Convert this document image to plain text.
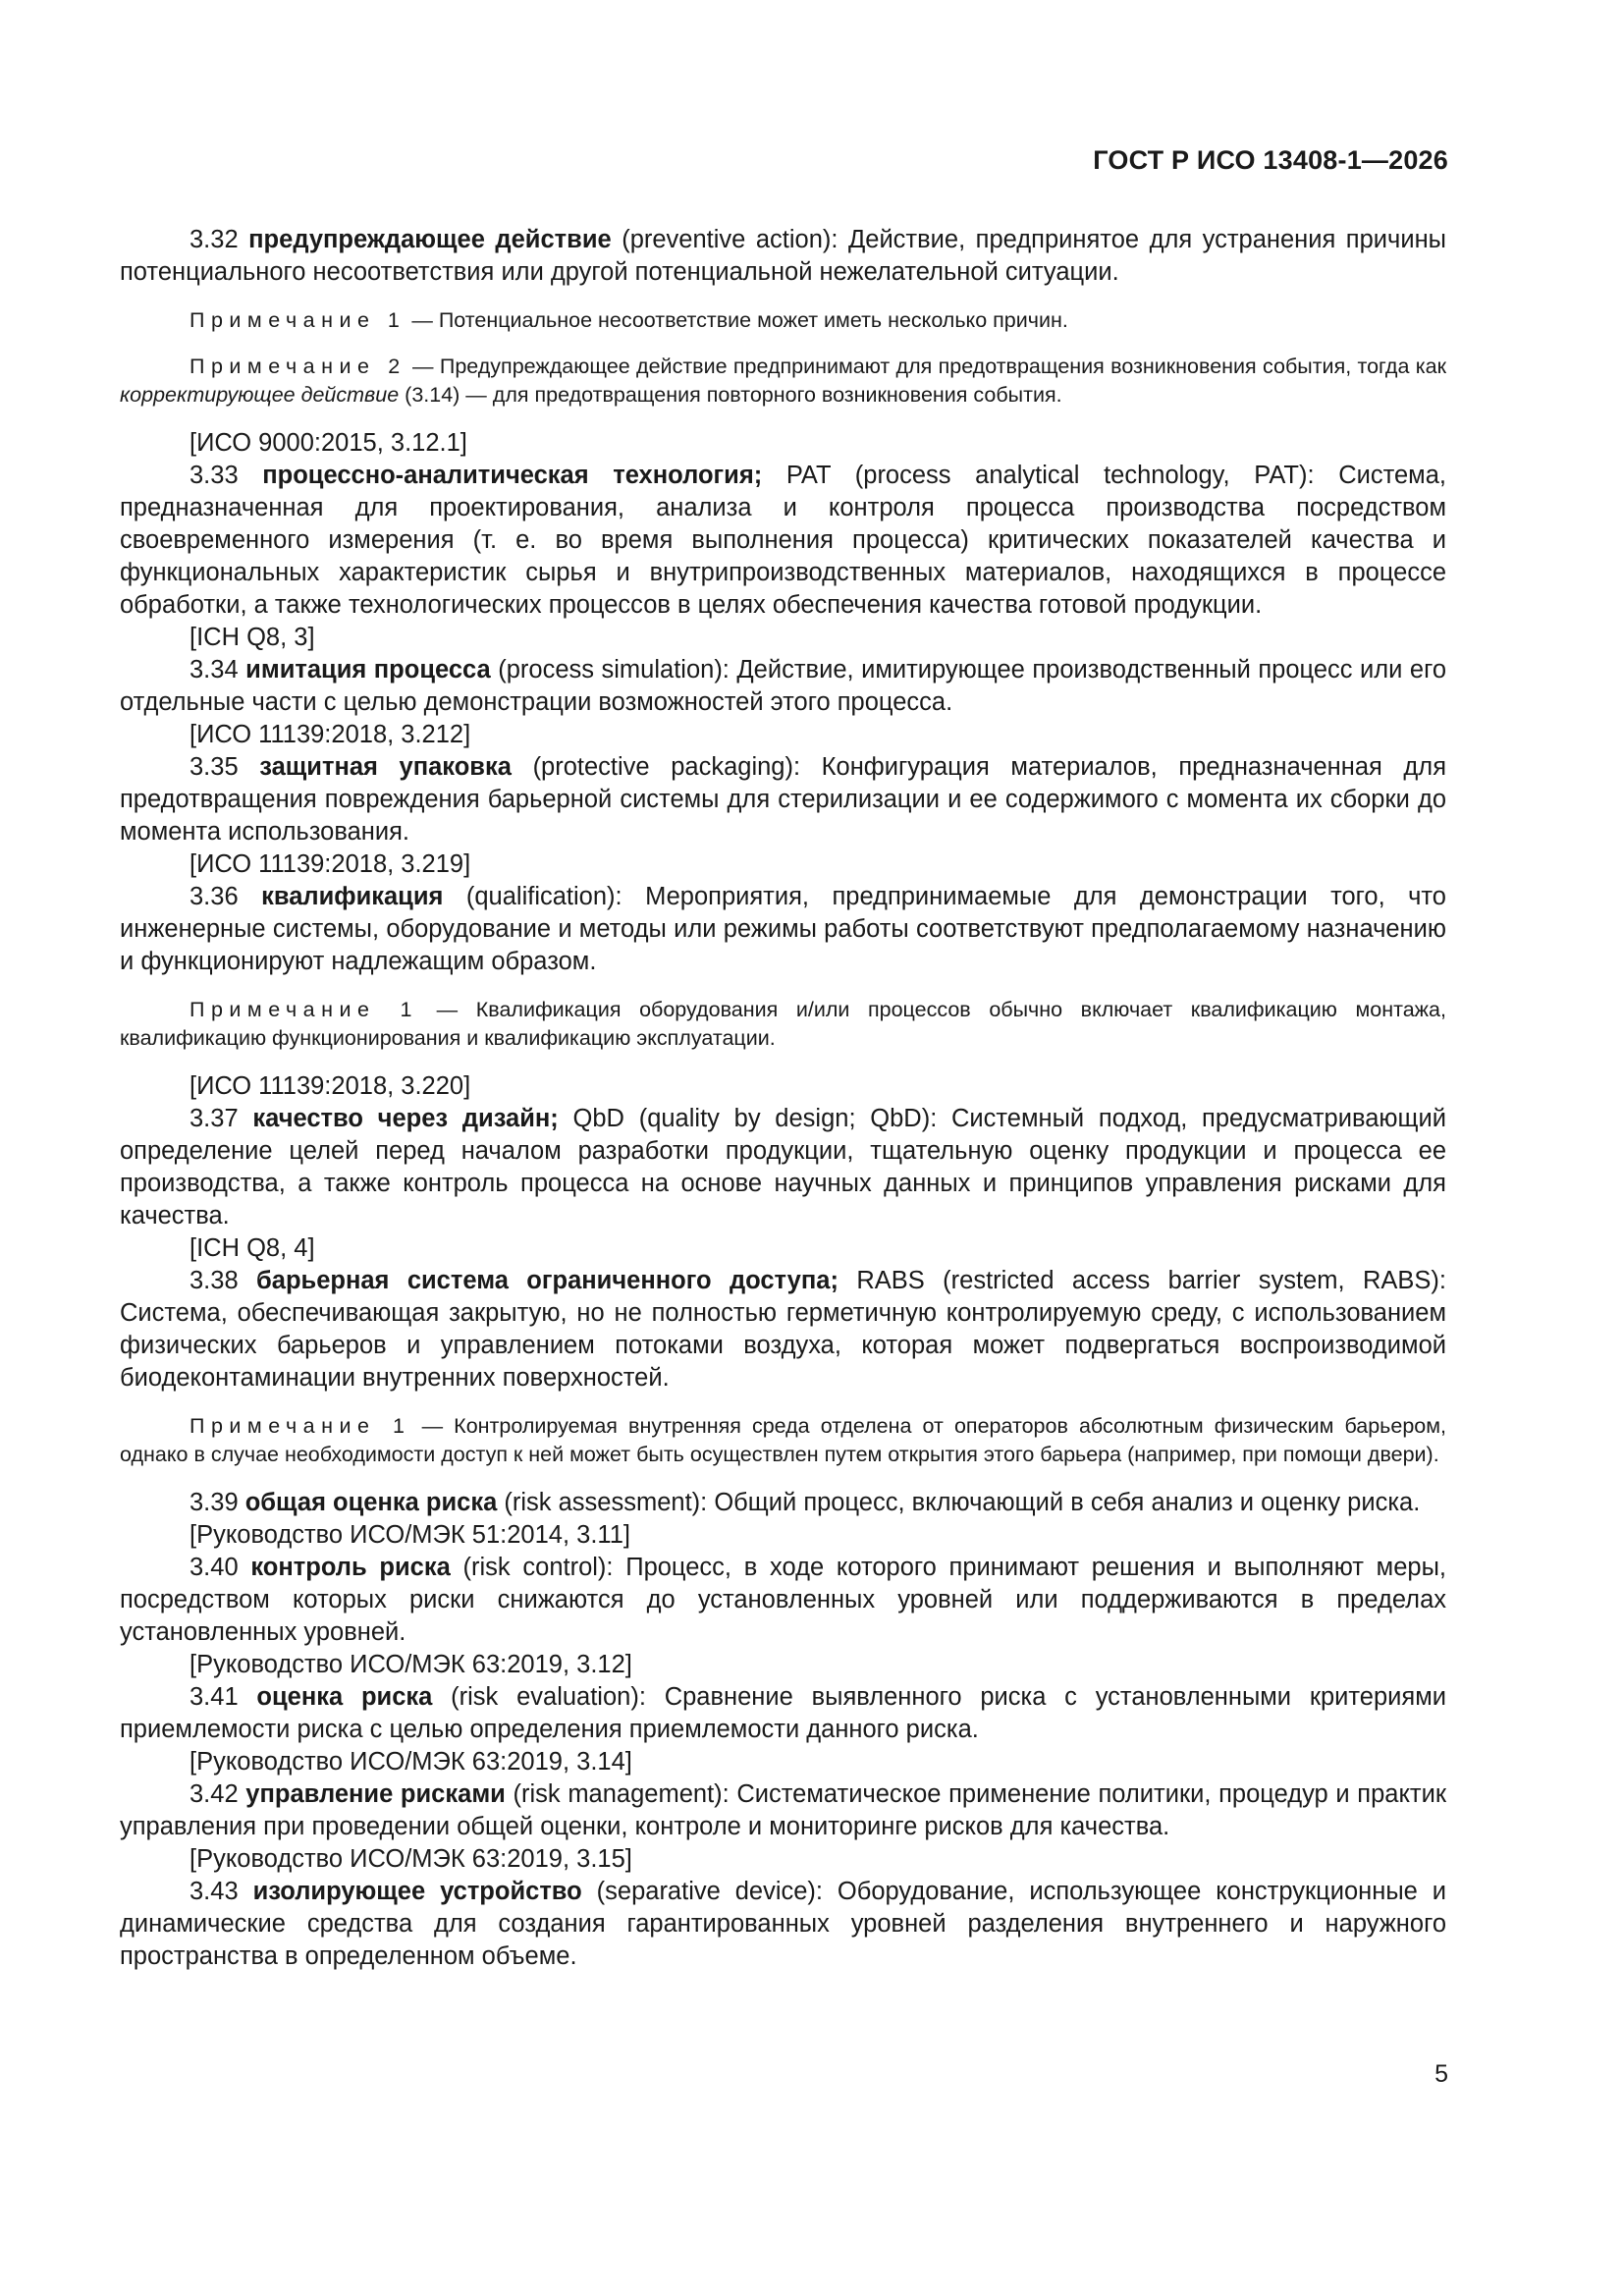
ГОСТ Р ИСО 13408-1—2026

3.32 предупреждающее действие (preventive action): Действие, предпринятое для устранения причины потенциального несоответствия или другой потенциальной нежелательной ситуации.

Примечание 1 — Потенциальное несоответствие может иметь несколько причин.

Примечание 2 — Предупреждающее действие предпринимают для предотвращения возникновения события, тогда как корректирующее действие (3.14) — для предотвращения повторного возникновения события.

[ИСО 9000:2015, 3.12.1]

3.33 процессно-аналитическая технология; PAT (process analytical technology, PAT): Система, предназначенная для проектирования, анализа и контроля процесса производства посредством своевременного измерения (т. е. во время выполнения процесса) критических показателей качества и функциональных характеристик сырья и внутрипроизводственных материалов, находящихся в процессе обработки, а также технологических процессов в целях обеспечения качества готовой продукции.

[ICH Q8, 3]

3.34 имитация процесса (process simulation): Действие, имитирующее производственный процесс или его отдельные части с целью демонстрации возможностей этого процесса.

[ИСО 11139:2018, 3.212]

3.35 защитная упаковка (protective packaging): Конфигурация материалов, предназначенная для предотвращения повреждения барьерной системы для стерилизации и ее содержимого с момента их сборки до момента использования.

[ИСО 11139:2018, 3.219]

3.36 квалификация (qualification): Мероприятия, предпринимаемые для демонстрации того, что инженерные системы, оборудование и методы или режимы работы соответствуют предполагаемому назначению и функционируют надлежащим образом.

Примечание 1 — Квалификация оборудования и/или процессов обычно включает квалификацию монтажа, квалификацию функционирования и квалификацию эксплуатации.

[ИСО 11139:2018, 3.220]

3.37 качество через дизайн; QbD (quality by design; QbD): Системный подход, предусматривающий определение целей перед началом разработки продукции, тщательную оценку продукции и процесса ее производства, а также контроль процесса на основе научных данных и принципов управления рисками для качества.

[ICH Q8, 4]

3.38 барьерная система ограниченного доступа; RABS (restricted access barrier system, RABS): Система, обеспечивающая закрытую, но не полностью герметичную контролируемую среду, с использованием физических барьеров и управлением потоками воздуха, которая может подвергаться воспроизводимой биодеконтаминации внутренних поверхностей.

Примечание 1 — Контролируемая внутренняя среда отделена от операторов абсолютным физическим барьером, однако в случае необходимости доступ к ней может быть осуществлен путем открытия этого барьера (например, при помощи двери).

3.39 общая оценка риска (risk assessment): Общий процесс, включающий в себя анализ и оценку риска.

[Руководство ИСО/МЭК 51:2014, 3.11]

3.40 контроль риска (risk control): Процесс, в ходе которого принимают решения и выполняют меры, посредством которых риски снижаются до установленных уровней или поддерживаются в пределах установленных уровней.

[Руководство ИСО/МЭК 63:2019, 3.12]

3.41 оценка риска (risk evaluation): Сравнение выявленного риска с установленными критериями приемлемости риска с целью определения приемлемости данного риска.

[Руководство ИСО/МЭК 63:2019, 3.14]

3.42 управление рисками (risk management): Систематическое применение политики, процедур и практик управления при проведении общей оценки, контроле и мониторинге рисков для качества.

[Руководство ИСО/МЭК 63:2019, 3.15]

3.43 изолирующее устройство (separative device): Оборудование, использующее конструкционные и динамические средства для создания гарантированных уровней разделения внутреннего и наружного пространства в определенном объеме.

5
